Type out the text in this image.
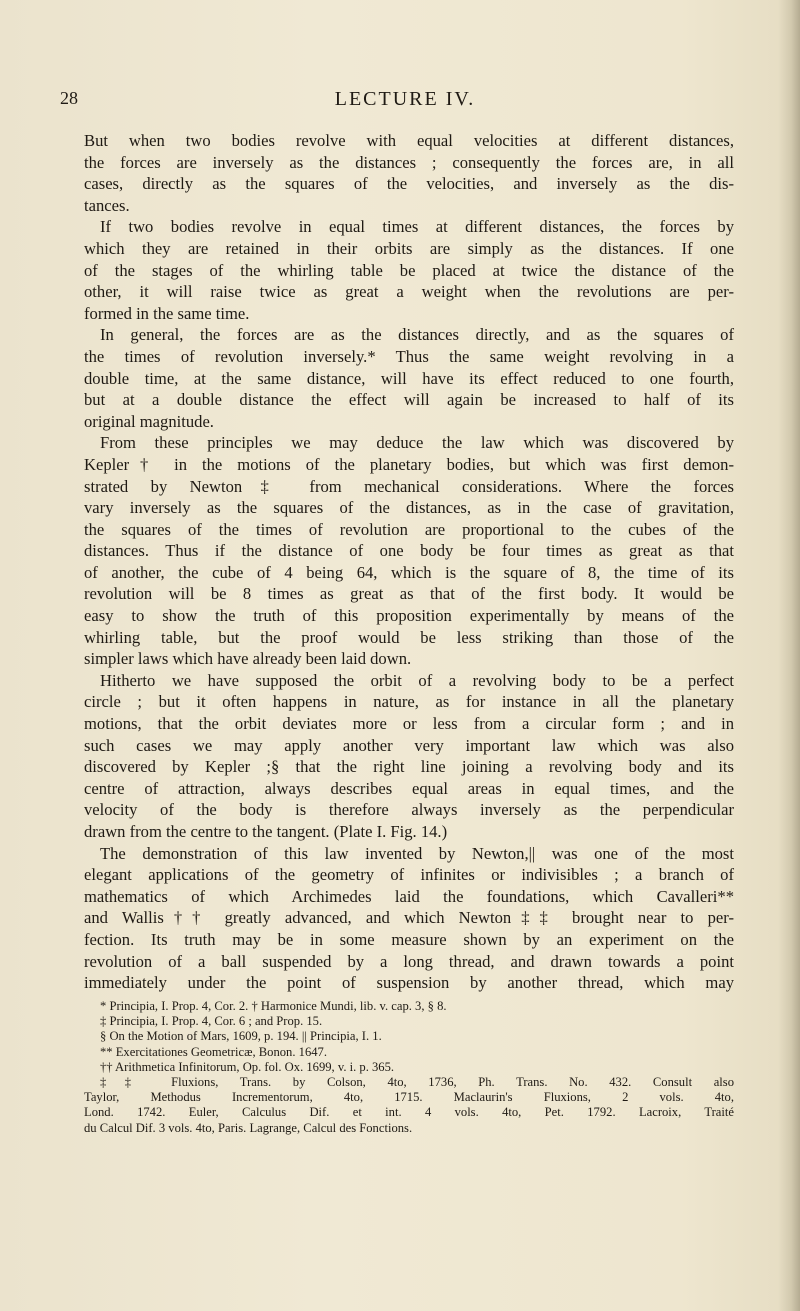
28	LECTURE IV.
But when two bodies revolve with equal velocities at different distances,
the forces are inversely as the distances ; consequently the forces are, in all
cases, directly as the squares of the velocities, and inversely as the dis-
tances.
If two bodies revolve in equal times at different distances, the forces by
which they are retained in their orbits are simply as the distances. If one
of the stages of the whirling table be placed at twice the distance of the
other, it will raise twice as great a weight when the revolutions are per-
formed in the same time.
In general, the forces are as the distances directly, and as the squares of
the times of revolution inversely.* Thus the same weight revolving in a
double time, at the same distance, will have its effect reduced to one fourth,
but at a double distance the effect will again be increased to half of its
original magnitude.
From these principles we may deduce the law which was discovered by
Kepler† in the motions of the planetary bodies, but which was first demon-
strated by Newton‡ from mechanical considerations. Where the forces
vary inversely as the squares of the distances, as in the case of gravitation,
the squares of the times of revolution are proportional to the cubes of the
distances. Thus if the distance of one body be four times as great as that
of another, the cube of 4 being 64, which is the square of 8, the time of its
revolution will be 8 times as great as that of the first body. It would be
easy to show the truth of this proposition experimentally by means of the
whirling table, but the proof would be less striking than those of the
simpler laws which have already been laid down.
Hitherto we have supposed the orbit of a revolving body to be a perfect
circle ; but it often happens in nature, as for instance in all the planetary
motions, that the orbit deviates more or less from a circular form ; and in
such cases we may apply another very important law which was also
discovered by Kepler ;§ that the right line joining a revolving body and its
centre of attraction, always describes equal areas in equal times, and the
velocity of the body is therefore always inversely as the perpendicular
drawn from the centre to the tangent. (Plate I. Fig. 14.)
The demonstration of this law invented by Newton,|| was one of the most
elegant applications of the geometry of infinites or indivisibles ; a branch of
mathematics of which Archimedes laid the foundations, which Cavalleri**
and Wallis†† greatly advanced, and which Newton‡‡ brought near to per-
fection. Its truth may be in some measure shown by an experiment on the
revolution of a ball suspended by a long thread, and drawn towards a point
immediately under the point of suspension by another thread, which may
* Principia, I. Prop. 4, Cor. 2. † Harmonice Mundi, lib. v. cap. 3, § 8.
‡ Principia, I. Prop. 4, Cor. 6 ; and Prop. 15.
§ On the Motion of Mars, 1609, p. 194. || Principia, I. 1.
** Exercitationes Geometricæ, Bonon. 1647.
†† Arithmetica Infinitorum, Op. fol. Ox. 1699, v. i. p. 365.
‡‡ Fluxions, Trans. by Colson, 4to, 1736, Ph. Trans. No. 432. Consult also
Taylor, Methodus Incrementorum, 4to, 1715. Maclaurin's Fluxions, 2 vols. 4to,
Lond. 1742. Euler, Calculus Dif. et int. 4 vols. 4to, Pet. 1792. Lacroix, Traité
du Calcul Dif. 3 vols. 4to, Paris. Lagrange, Calcul des Fonctions.
